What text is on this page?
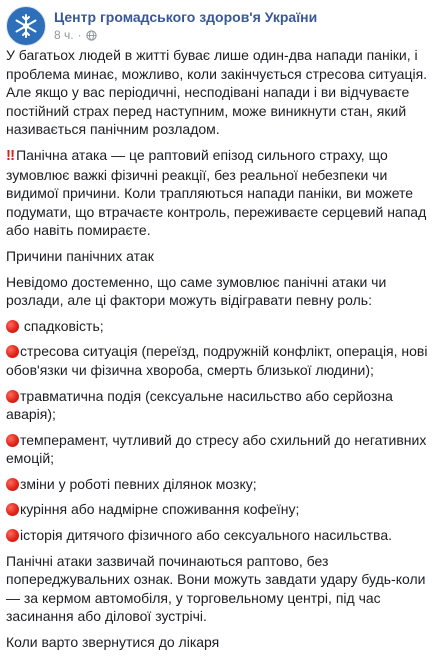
Центр громадського здоров'я України
8 ч. ·

У багатьох людей в житті буває лише один-два напади паніки, і проблема минає, можливо, коли закінчується стресова ситуація. Але якщо у вас періодичні, несподівані напади і ви відчуваєте постійний страх перед наступним, може виникнути стан, який називається панічним розладом.

‼ Панічна атака — це раптовий епізод сильного страху, що зумовлює важкі фізичні реакції, без реальної небезпеки чи видимої причини. Коли трапляються напади паніки, ви можете подумати, що втрачаєте контроль, переживаєте серцевий напад або навіть помираєте.

Причини панічних атак

Невідомо достеменно, що саме зумовлює панічні атаки чи розлади, але ці фактори можуть відігравати певну роль:

спадковість;

стресова ситуація (переїзд, подружній конфлікт, операція, нові обов'язки чи фізична хвороба, смерть близької людини);

травматична подія (сексуальне насильство або серйозна аварія);

темперамент, чутливий до стресу або схильний до негативних емоцій;

зміни у роботі певних ділянок мозку;

куріння або надмірне споживання кофеїну;

історія дитячого фізичного або сексуального насильства.

Панічні атаки зазвичай починаються раптово, без попереджувальних ознак. Вони можуть завдати удару будь-коли — за кермом автомобіля, у торговельному центрі, під час засинання або ділової зустрічі.

Коли варто звернутися до лікаря
